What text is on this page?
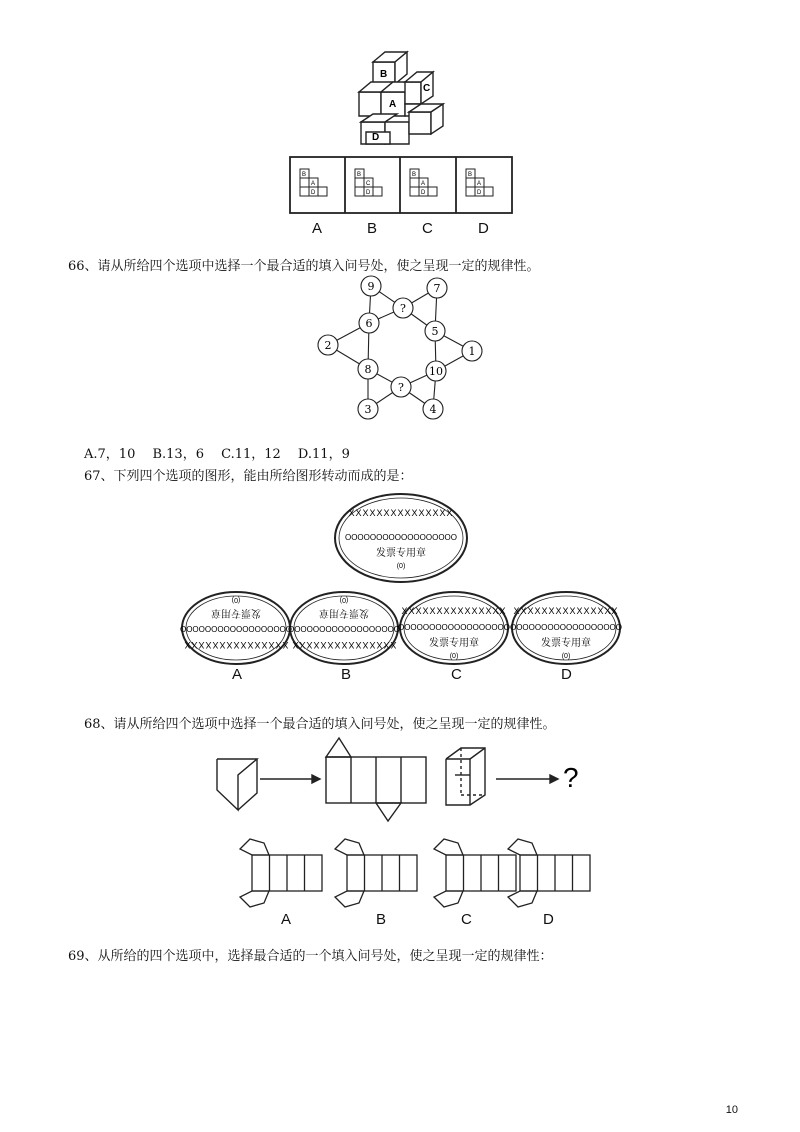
B
A
C
D
B
A
D
B
C
D
B
A
D
B
A
D
A	B	C	D
66、请从所给四个选项中选择一个最合适的填入问号处，使之呈现一定的规律性。
9
?
7
6
5
2	1
8	10
?
3	4
A.7，10　 B.13，6　 C.11，12　 D.11，9
67、下列四个选项的图形，能由所给图形转动而成的是：
XXXXXXXXXXXXXXX
OOOOOOOOOOOOOOOOOO
发票专用章
(0)
XXXXXXXXXXXXXXX
OOOOOOOOOOOOOOOOOO
发票专用章
(0)
XXXXXXXXXXXXXXX
OOOOOOOOOOOOOOOOOO
发票专用章
(0)
XXXXXXXXXXXXXXX
OOOOOOOOOOOOOOOOOO
发票专用章
(0)
XXXXXXXXXXXXXXX
OOOOOOOOOOOOOOOOOO
发票专用章
(0)
A	B	C	D
68、请从所给四个选项中选择一个最合适的填入问号处，使之呈现一定的规律性。
?
A	B	C	D
69、从所给的四个选项中，选择最合适的一个填入问号处，使之呈现一定的规律性：
10
